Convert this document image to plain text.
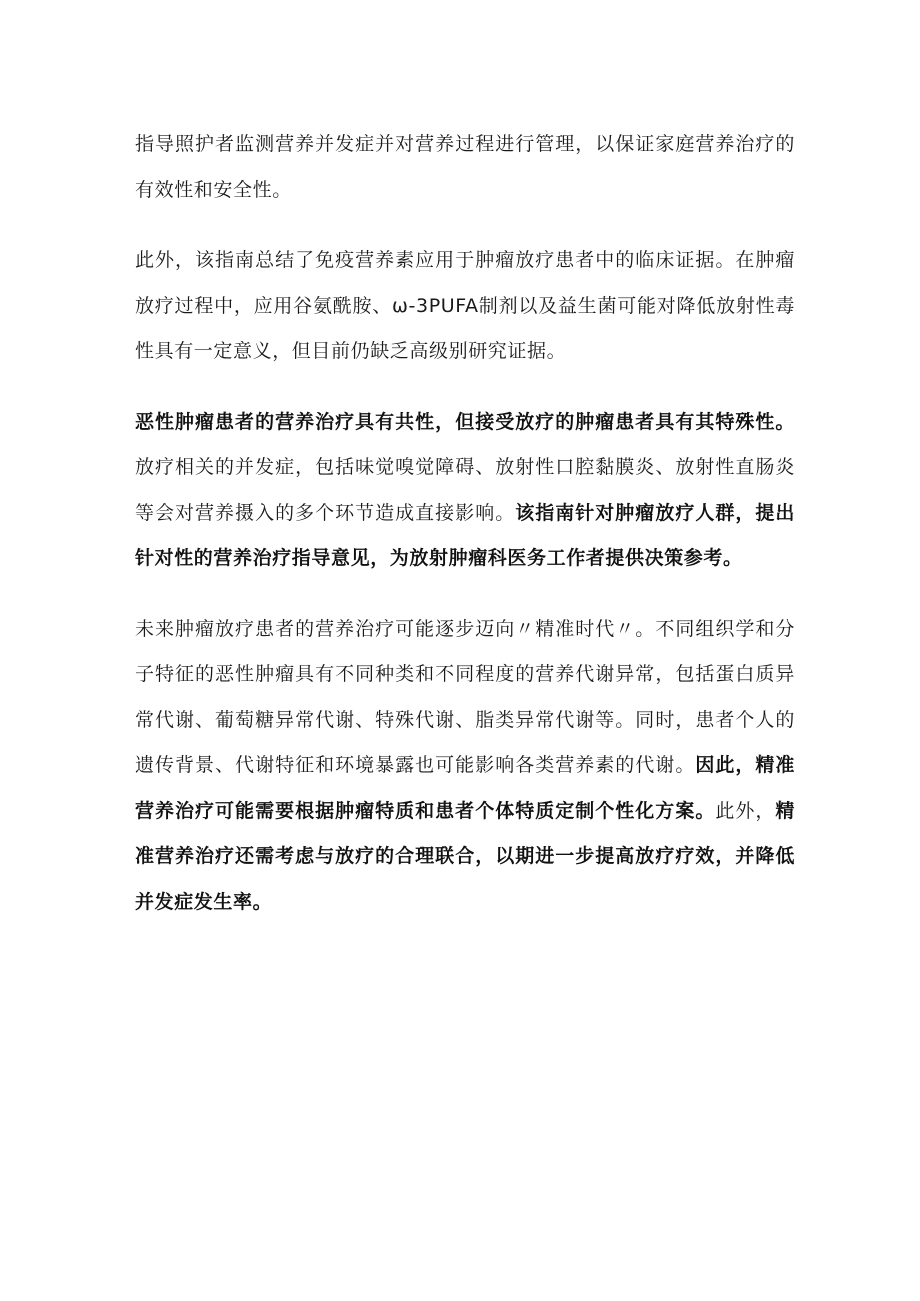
指导照护者监测营养并发症并对营养过程进行管理，以保证家庭营养治疗的有效性和安全性。

此外，该指南总结了免疫营养素应用于肿瘤放疗患者中的临床证据。在肿瘤放疗过程中，应用谷氨酰胺、ω-3PUFA制剂以及益生菌可能对降低放射性毒性具有一定意义，但目前仍缺乏高级别研究证据。

恶性肿瘤患者的营养治疗具有共性，但接受放疗的肿瘤患者具有其特殊性。放疗相关的并发症，包括味觉嗅觉障碍、放射性口腔黏膜炎、放射性直肠炎等会对营养摄入的多个环节造成直接影响。该指南针对肿瘤放疗人群，提出针对性的营养治疗指导意见，为放射肿瘤科医务工作者提供决策参考。

未来肿瘤放疗患者的营养治疗可能逐步迈向〃精准时代〃。不同组织学和分子特征的恶性肿瘤具有不同种类和不同程度的营养代谢异常，包括蛋白质异常代谢、葡萄糖异常代谢、特殊代谢、脂类异常代谢等。同时，患者个人的遗传背景、代谢特征和环境暴露也可能影响各类营养素的代谢。因此，精准营养治疗可能需要根据肿瘤特质和患者个体特质定制个性化方案。此外，精准营养治疗还需考虑与放疗的合理联合，以期进一步提高放疗疗效，并降低并发症发生率。
